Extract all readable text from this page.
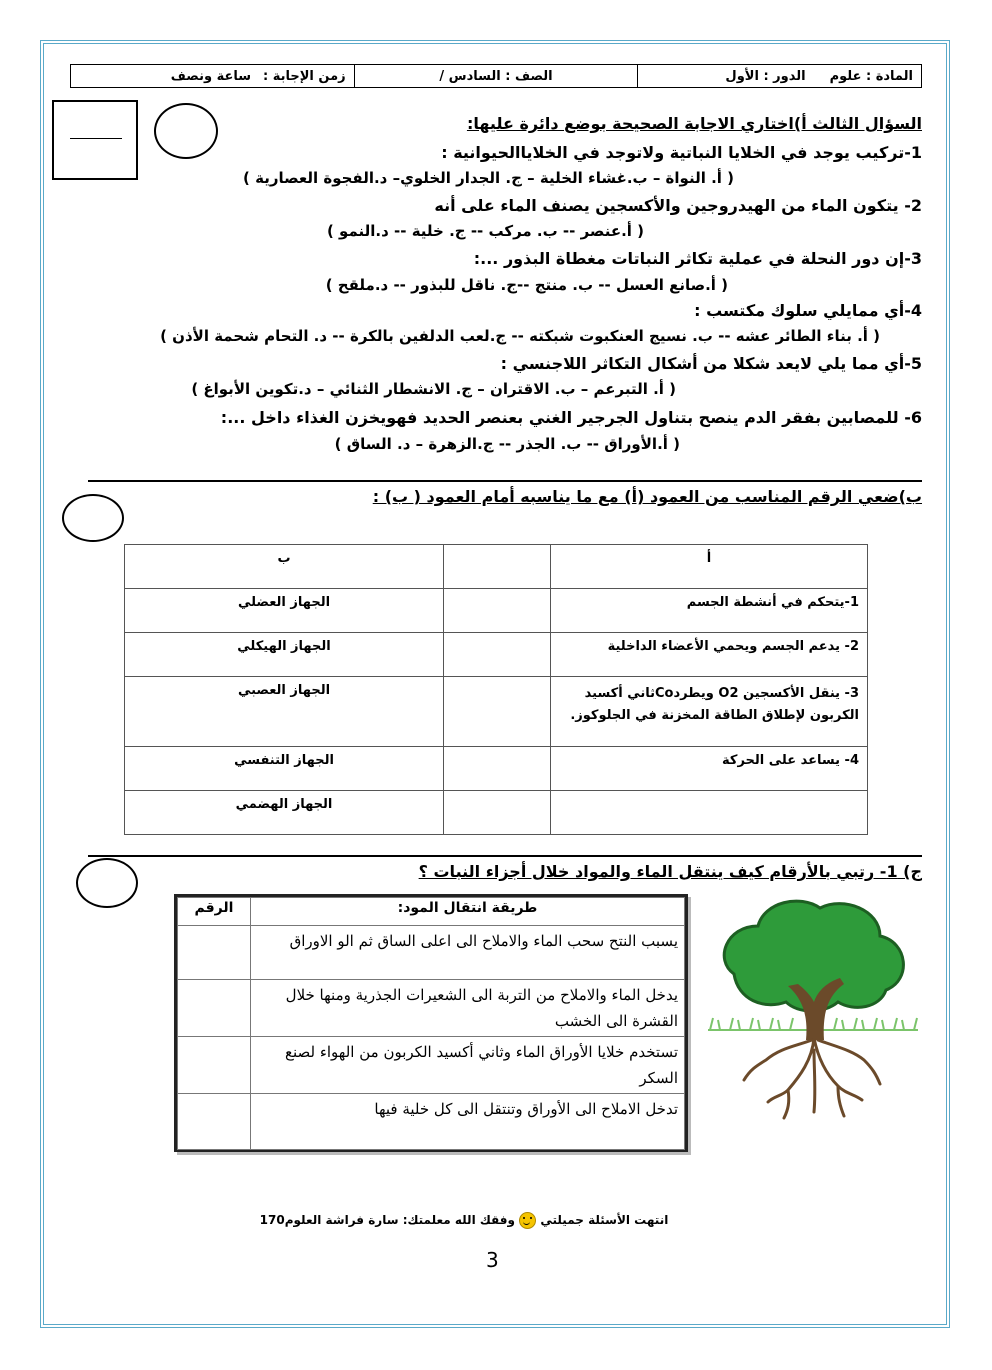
المادة : علوم
الدور : الأول
الصف : السادس /
زمن الإجابة :
ساعة ونصف
السؤال الثالث أ)اختاري الاجابة الصحيحة بوضع دائرة عليها:
1-تركيب يوجد في الخلايا النباتية ولاتوجد في الخلاياالحيوانية :
( أ. النواة – ب.غشاء الخلية – ج. الجدار الخلوي– د.الفجوة العصارية )
2- يتكون الماء من الهيدروجين والأكسجين يصنف الماء على أنه
( أ.عنصر -- ب. مركب -- ج. خلية -- د.النمو )
3-إن دور النحلة في عملية تكاثر النباتات مغطاة البذور ...:
( أ.صانع العسل -- ب. منتج --ج. ناقل للبذور -- د.ملقح )
4-أي ممايلي سلوك مكتسب :
( أ. بناء الطائر عشه -- ب. نسيج العنكبوت شبكته -- ج.لعب الدلفين بالكرة -- د. التحام شحمة الأذن )
5-أي مما يلي لايعد شكلا من أشكال التكاثر اللاجنسي :
( أ. التبرعم – ب. الاقتران – ج. الانشطار الثنائي – د.تكوين الأبواغ )
6- للمصابين بفقر الدم ينصح بتناول الجرجير الغني بعنصر الحديد فهويخزن الغذاء داخل ...:
( أ.الأوراق -- ب. الجذر -- ج.الزهرة – د. الساق )
ب)ضعي الرقم المناسب من العمود (أ) مع ما يناسبه أمام العمود ( ب) :
أ		ب
1-يتحكم في أنشطة الجسم		الجهاز العضلي
2- يدعم الجسم ويحمي الأعضاء الداخلية		الجهاز الهيكلي
3- ينقل الأكسجين O2 ويطردCoثاني أكسيد الكربون لإطلاق الطاقة المخزنة في الجلوكوز.		الجهاز العصبي
4- يساعد على الحركة		الجهاز التنفسي
		الجهاز الهضمي
ج) 1- رتبي بالأرقام كيف ينتقل الماء والمواد خلال أجزاء النبات ؟
طريقة انتقال المود:	الرقم
يسبب النتح سحب الماء والاملاح الى اعلى الساق ثم الو الاوراق	
يدخل الماء والاملاح من التربة الى الشعيرات الجذرية ومنها خلال القشرة الى الخشب	
تستخدم خلايا الأوراق الماء وثاني أكسيد الكربون من الهواء لصنع السكر	
تدخل الاملاح الى الأوراق وتنتقل الى كل خلية فيها	
انتهت الأسئلة جميلتي
وفقك الله معلمتك: سارة فراشة العلوم170
3
